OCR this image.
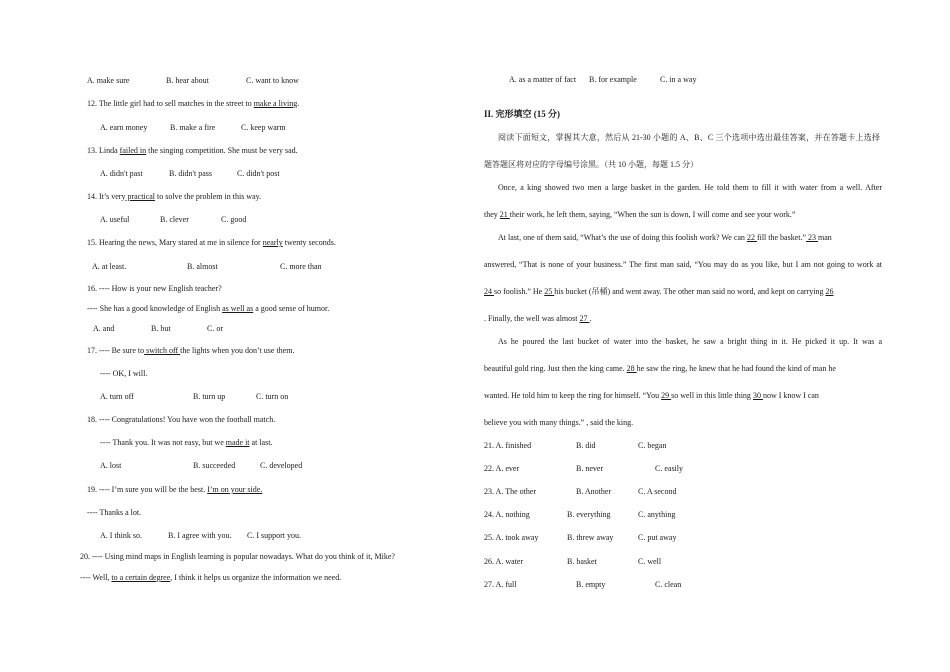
A. make sure	B. hear about	C. want to know
12. The little girl had to sell matches in the street to make a living.
A. earn money	B. make a fire	C. keep warm
13. Linda failed in the singing competition. She must be very sad.
A. didn't past	B. didn't pass	C. didn't post
14. It’s very practical to solve the problem in this way.
A. useful	B. clever	C. good
15. Hearing the news, Mary stared at me in silence for nearly twenty seconds.
A. at least.	B. almost	C. more than
16. ---- How is your new English teacher?
---- She has a good knowledge of English as well as a good sense of humor.
A. and	B. but	C. or
17. ---- Be sure to switch off the lights when you don’t use them.
---- OK, I will.
A. turn off	B. turn up	C. turn on
18. ---- Congratulations! You have won the football match.
---- Thank you. It was not easy, but we made it at last.
A. lost	B. succeeded	C. developed
19. ---- I’m sure you will be the best. I’m on your side.
---- Thanks a lot.
A. I think so.	B. I agree with you. C. I support you.
20. ---- Using mind maps in English learning is popular nowadays. What do you think of it, Mike?
---- Well, to a certain degree, I think it helps us organize the information we need.
A. as a matter of fact B. for example	C. in a way
II. 完形填空 (15 分)
阅读下面短文，掌握其大意，然后从 21-30 小题的 A、B、C 三个选项中选出最佳答案，并在答题卡上选择
题答题区将对应的字母编号涂黑。（共 10 小题，每题 1.5 分）
Once, a king showed two men a large basket in the garden. He told them to fill it with water from a well. After
they 21 their work, he left them, saying, “When the sun is down, I will come and see your work.”
At last, one of them said, “What’s the use of doing this foolish work? We can 22 fill the basket.” 23 man
answered, “That is none of your business.” The first man said, “You may do as you like, but I am not going to work at
24 so foolish.” He 25 his bucket (吊桶) and went away. The other man said no word, and kept on carrying 26
. Finally, the well was almost 27 .
As he poured the last bucket of water into the basket, he saw a bright thing in it. He picked it up. It was a
beautiful gold ring. Just then the king came. 28 he saw the ring, he knew that he had found the kind of man he
wanted. He told him to keep the ring for himself. “You 29 so well in this little thing 30 now I know I can
believe you with many things.” , said the king.
21. A. finished	B. did	C. began
22. A. ever	B. never	C. easily
23. A. The other	B. Another	C. A second
24. A. nothing	B. everything	C. anything
25. A. took away	B. threw away	C. put away
26. A. water	B. basket	C. well
27. A. full	B. empty	C. clean
